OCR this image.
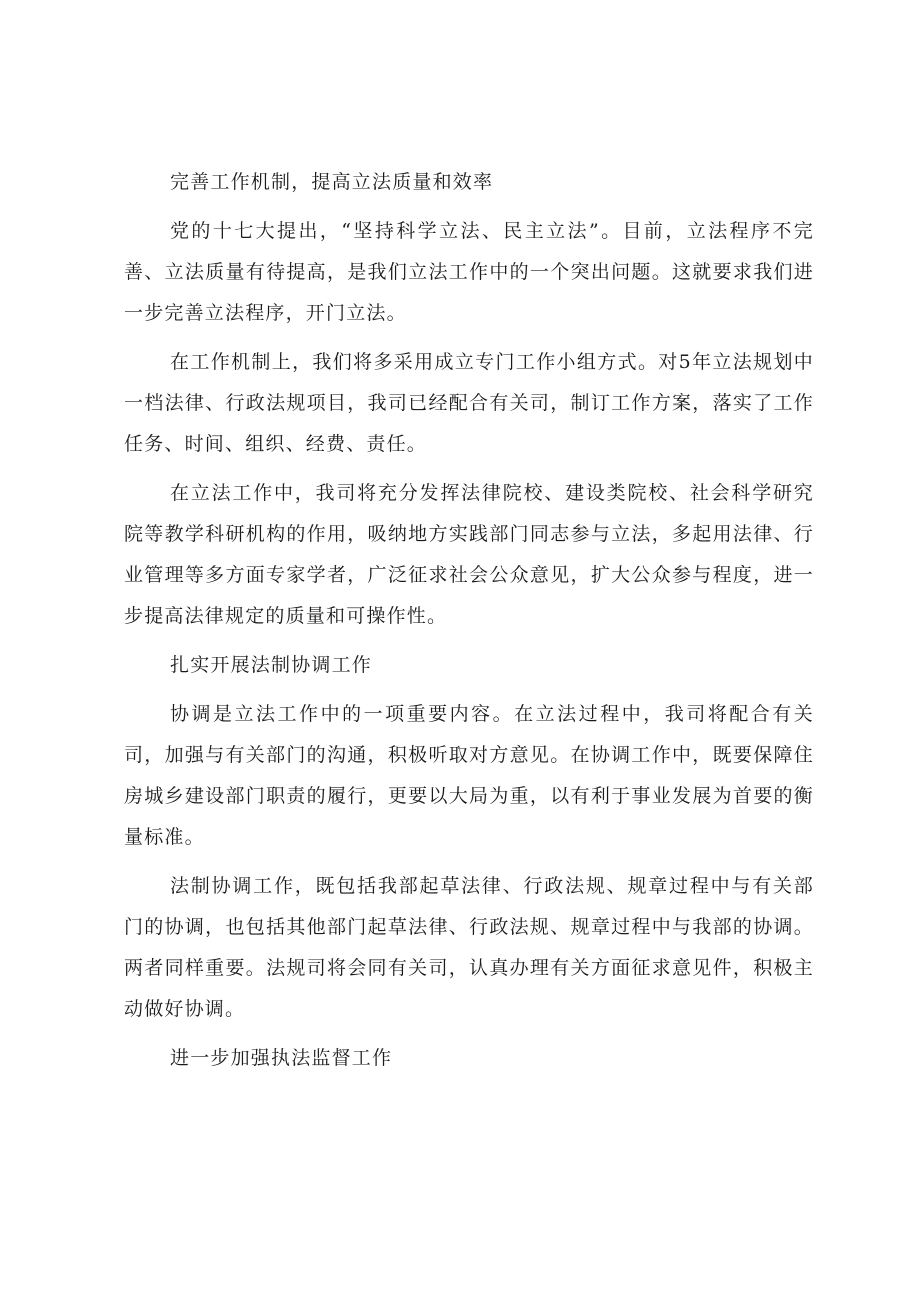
完善工作机制，提高立法质量和效率

党的十七大提出，“坚持科学立法、民主立法”。目前，立法程序不完善、立法质量有待提高，是我们立法工作中的一个突出问题。这就要求我们进一步完善立法程序，开门立法。

在工作机制上，我们将多采用成立专门工作小组方式。对5年立法规划中一档法律、行政法规项目，我司已经配合有关司，制订工作方案，落实了工作任务、时间、组织、经费、责任。

在立法工作中，我司将充分发挥法律院校、建设类院校、社会科学研究院等教学科研机构的作用，吸纳地方实践部门同志参与立法，多起用法律、行业管理等多方面专家学者，广泛征求社会公众意见，扩大公众参与程度，进一步提高法律规定的质量和可操作性。

扎实开展法制协调工作

协调是立法工作中的一项重要内容。在立法过程中，我司将配合有关司，加强与有关部门的沟通，积极听取对方意见。在协调工作中，既要保障住房城乡建设部门职责的履行，更要以大局为重，以有利于事业发展为首要的衡量标准。

法制协调工作，既包括我部起草法律、行政法规、规章过程中与有关部门的协调，也包括其他部门起草法律、行政法规、规章过程中与我部的协调。两者同样重要。法规司将会同有关司，认真办理有关方面征求意见件，积极主动做好协调。

进一步加强执法监督工作
